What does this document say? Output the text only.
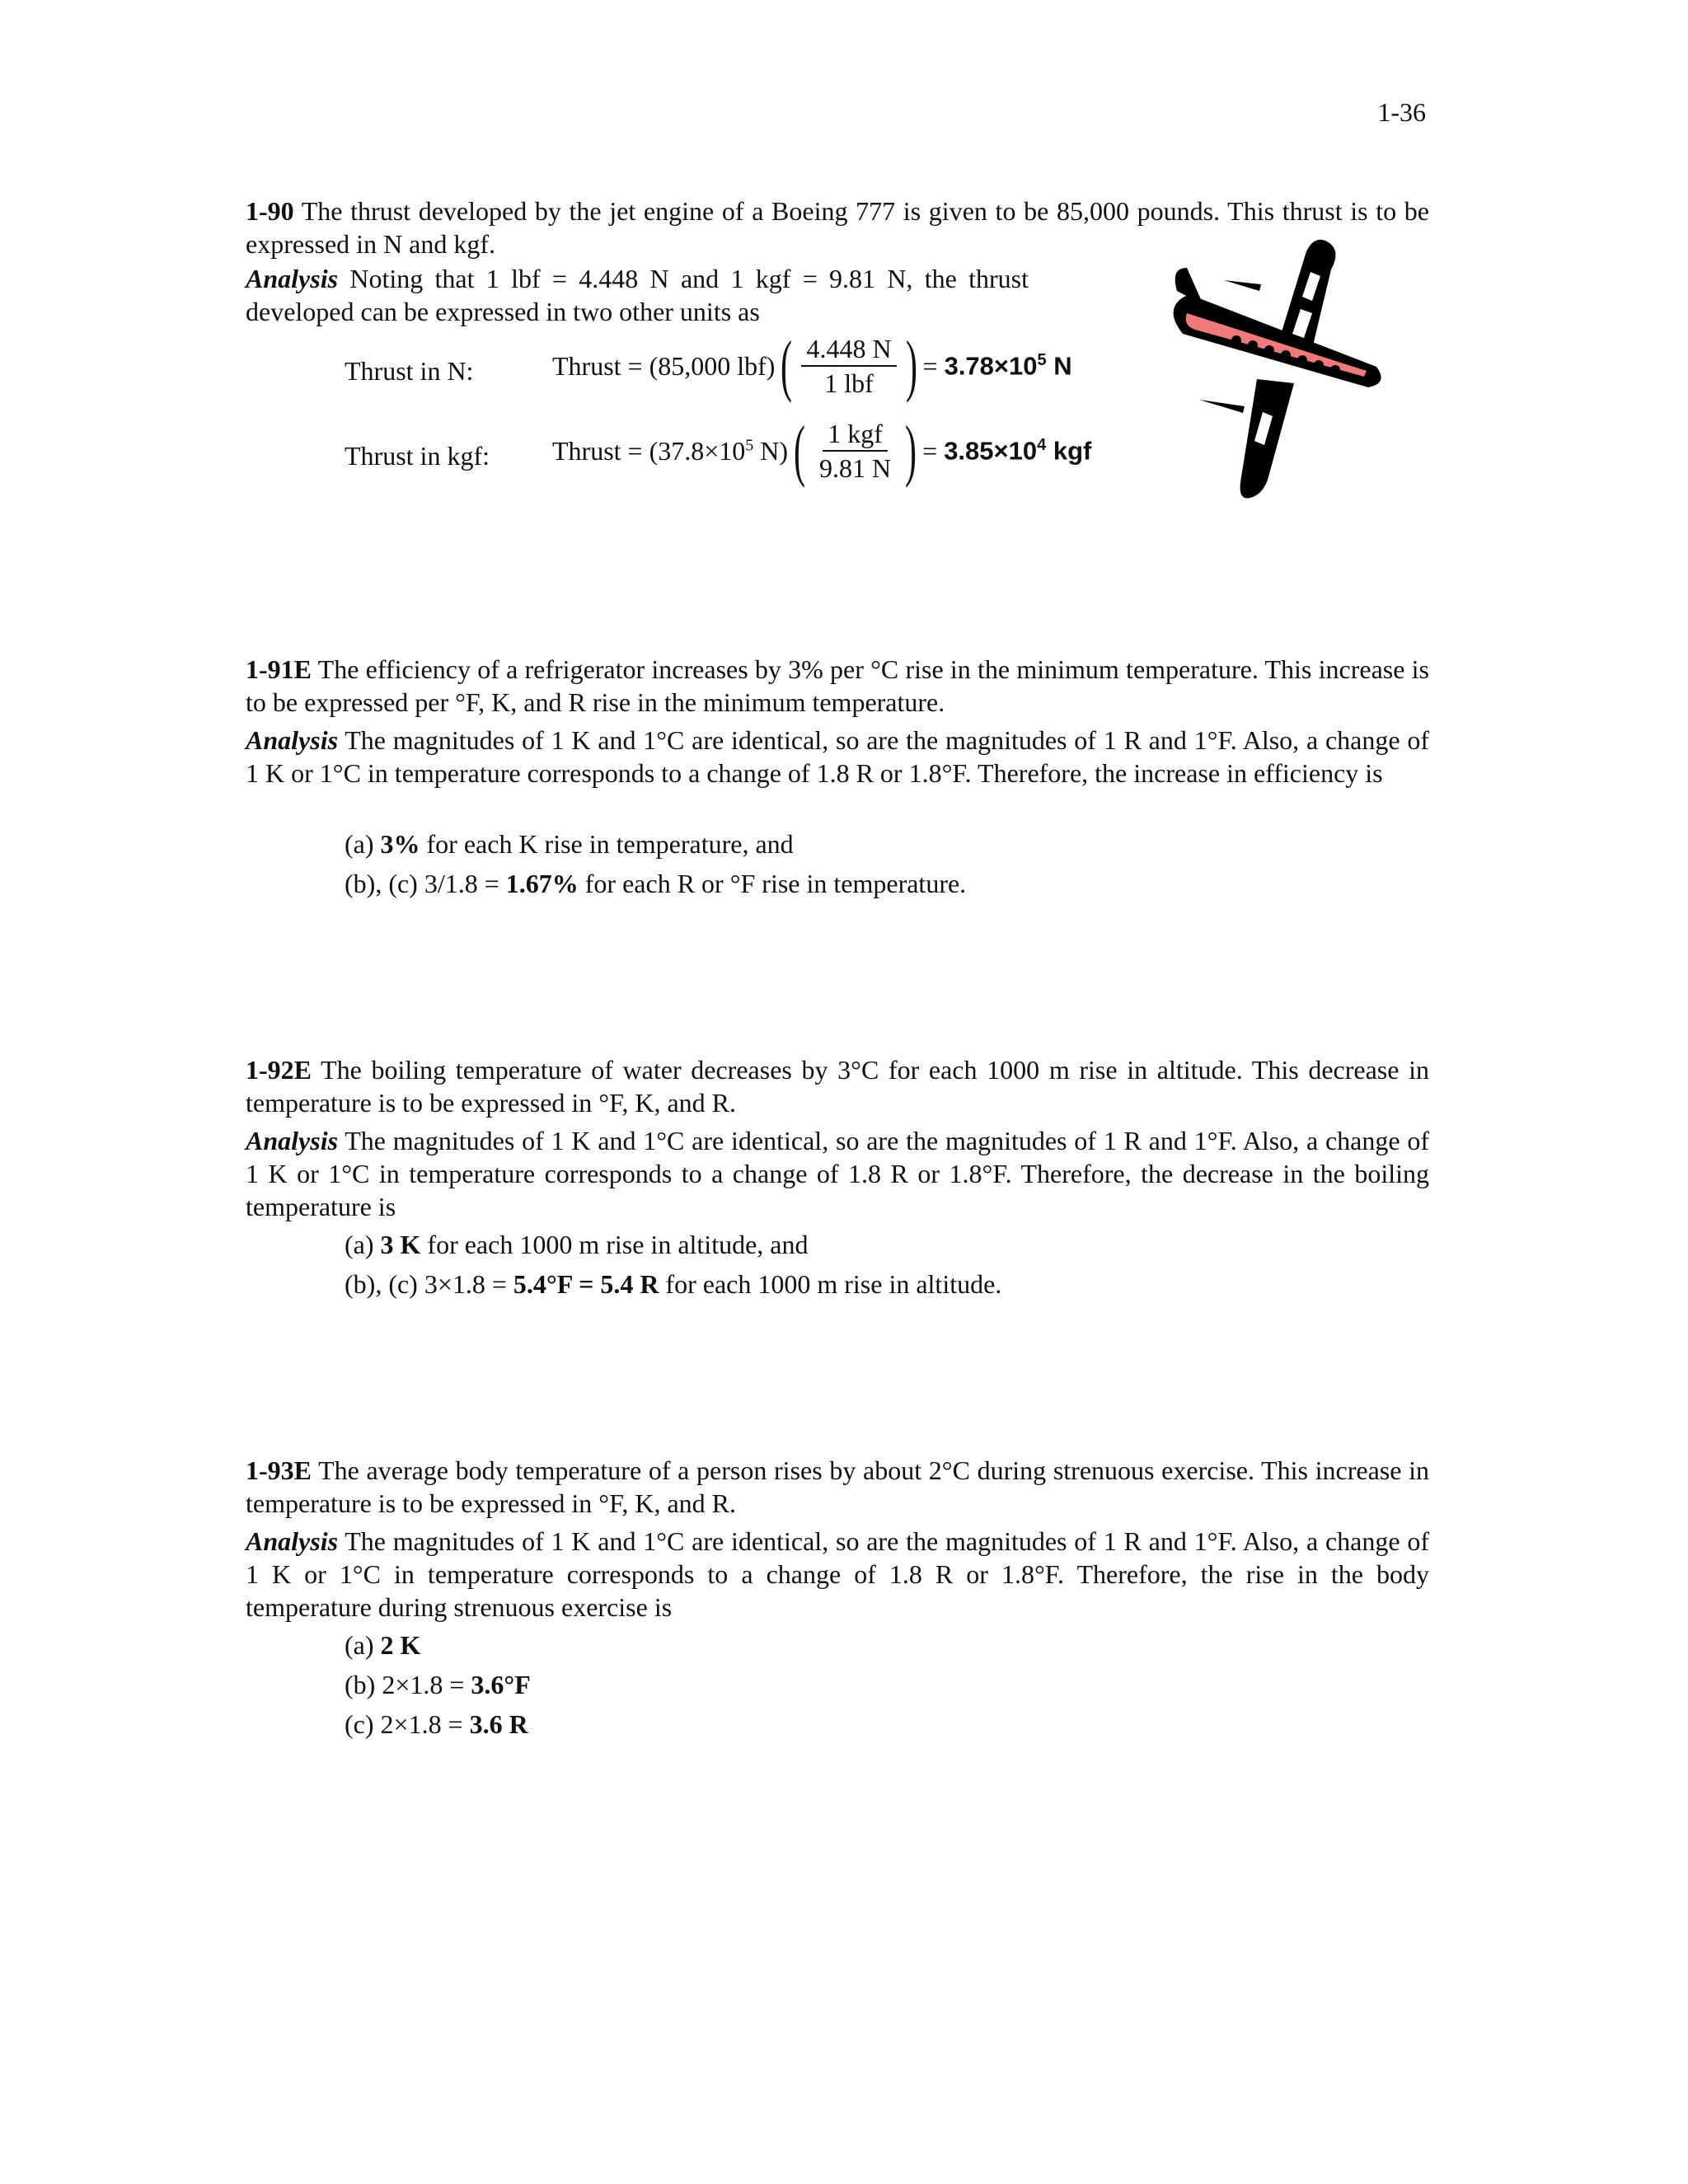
1-36

1-90 The thrust developed by the jet engine of a Boeing 777 is given to be 85,000 pounds. This thrust is to be expressed in N and kgf.

Analysis Noting that 1 lbf = 4.448 N and 1 kgf = 9.81 N, the thrust developed can be expressed in two other units as

Thrust in N:	Thrust = (85,000 lbf) ( $\frac{4.448 N}{\text{1 lbf}}$ ) =
$3.78\times 10^5$ N
Thrust in kgf: Thrust = ($37.8\times 10^5$ N) ( $\frac{\text{1 kgf}}{9.81 N}$ ) =
$3.85\times 10^4$ kgf

1-91E The efficiency of a refrigerator increases by 3% per °C rise in the minimum temperature. This increase is to be expressed per °F, K, and R rise in the minimum temperature.

Analysis The magnitudes of 1 K and 1°C are identical, so are the magnitudes of 1 R and 1°F. Also, a change of 1 K or 1°C in temperature corresponds to a change of 1.8 R or 1.8°F. Therefore, the increase in efficiency is

(a) 3% for each K rise in temperature, and

(b), (c) 3/1.8 = 1.67% for each R or °F rise in temperature.

1-92E The boiling temperature of water decreases by 3°C for each 1000 m rise in altitude. This decrease in temperature is to be expressed in °F, K, and R.

Analysis The magnitudes of 1 K and 1°C are identical, so are the magnitudes of 1 R and 1°F. Also, a change of 1 K or 1°C in temperature corresponds to a change of 1.8 R or 1.8°F. Therefore, the decrease in the boiling temperature is

(a) 3 K for each 1000 m rise in altitude, and

(b), (c) 3×1.8 = 5.4°F = 5.4 R for each 1000 m rise in altitude.

1-93E The average body temperature of a person rises by about 2°C during strenuous exercise. This increase in temperature is to be expressed in °F, K, and R.

Analysis The magnitudes of 1 K and 1°C are identical, so are the magnitudes of 1 R and 1°F. Also, a change of 1 K or 1°C in temperature corresponds to a change of 1.8 R or 1.8°F. Therefore, the rise in the body temperature during strenuous exercise is

(a) 2 K

(b) 2×1.8 = 3.6°F

(c) 2×1.8 = 3.6 R
